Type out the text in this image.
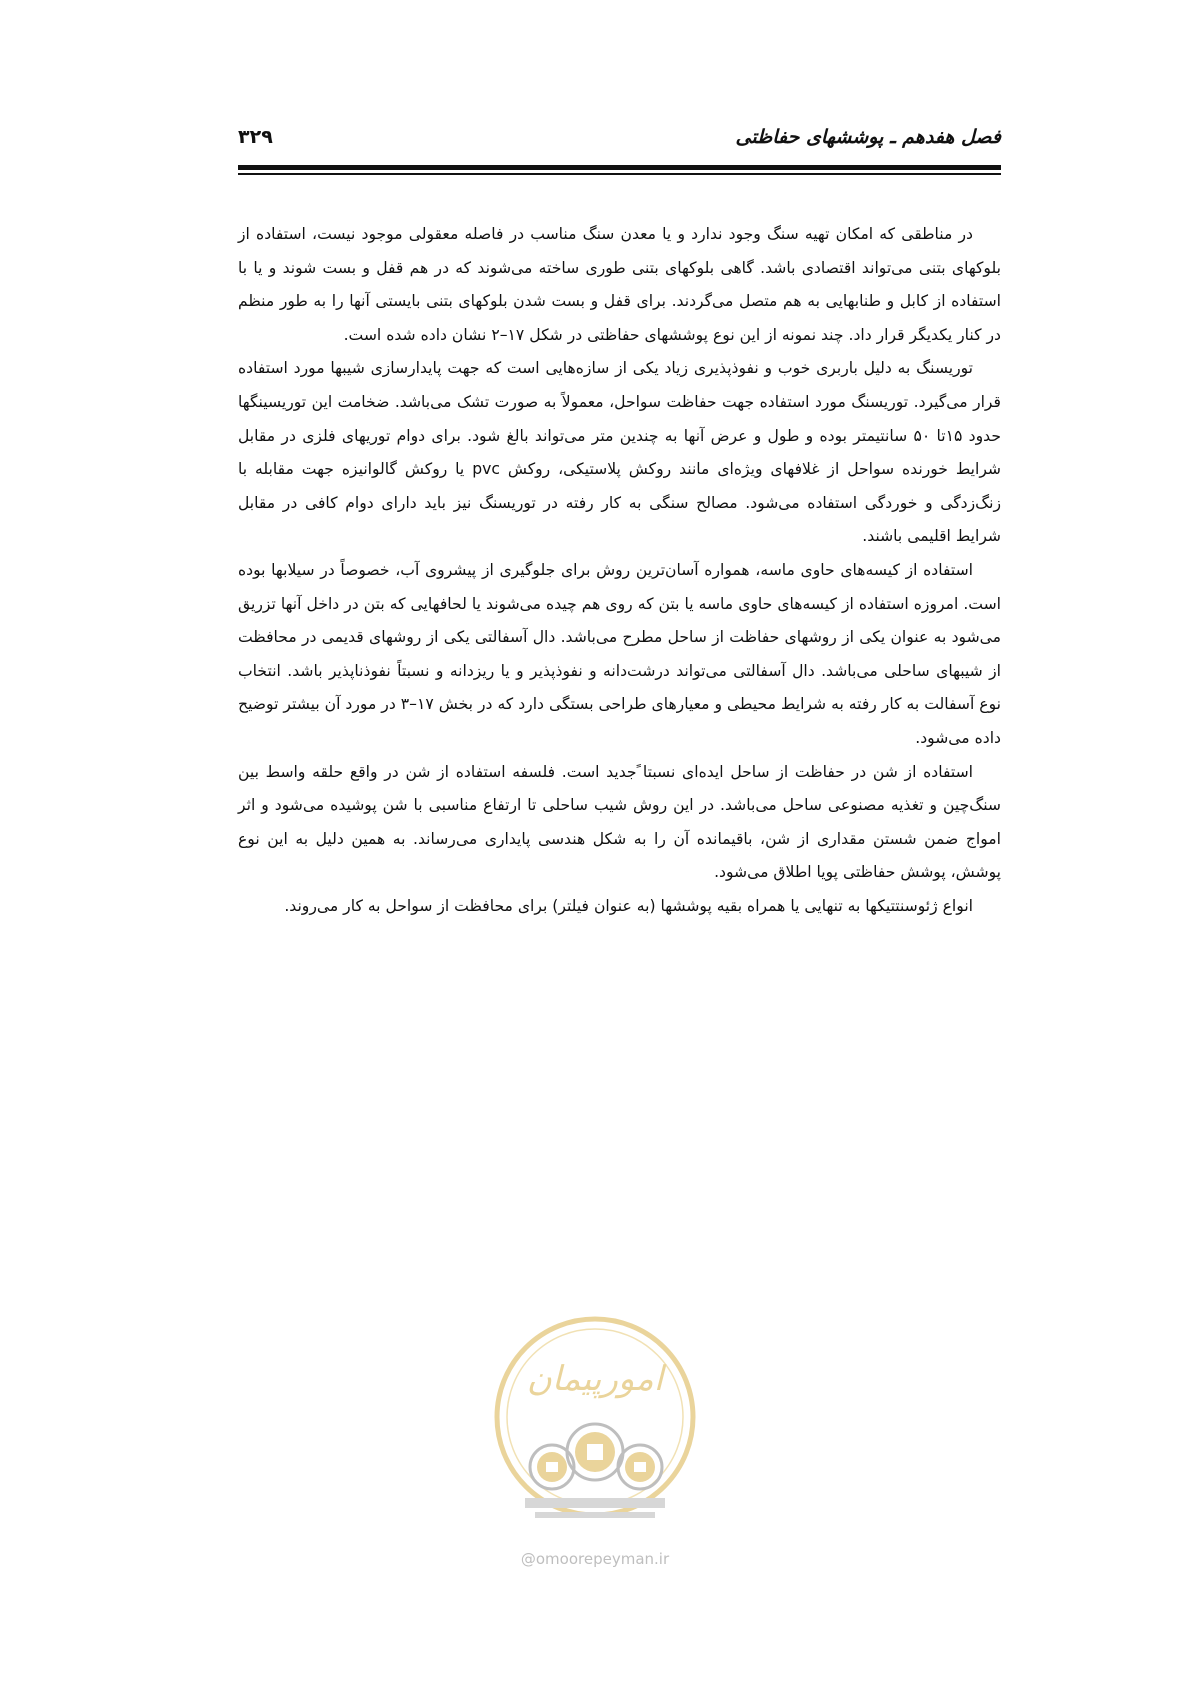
فصل هفدهم ـ پوششهای حفاظتی
۳۲۹

در مناطقی که امکان تهیه سنگ وجود ندارد و یا معدن سنگ مناسب در فاصله معقولی موجود نیست، استفاده از بلوکهای بتنی می‌تواند اقتصادی باشد. گاهی بلوکهای بتنی طوری ساخته می‌شوند که در هم قفل و بست شوند و یا با استفاده از کابل و طنابهایی به هم متصل می‌گردند. برای قفل و بست شدن بلوکهای بتنی بایستی آنها را به طور منظم در کنار یکدیگر قرار داد. چند نمونه از این نوع پوششهای حفاظتی در شکل ۱۷–۲ نشان داده شده است.

توریسنگ به دلیل باربری خوب و نفوذپذیری زیاد یکی از سازه‌هایی است که جهت پایدارسازی شیبها مورد استفاده قرار می‌گیرد. توریسنگ مورد استفاده جهت حفاظت سواحل، معمولاً به صورت تشک می‌باشد. ضخامت این توریسینگها حدود ۱۵تا ۵۰ سانتیمتر بوده و طول و عرض آنها به چندین متر می‌تواند بالغ شود. برای دوام توریهای فلزی در مقابل شرایط خورنده سواحل از غلافهای ویژه‌ای مانند روکش پلاستیکی، روکش pvc یا روکش گالوانیزه جهت مقابله با زنگ‌زدگی و خوردگی استفاده می‌شود. مصالح سنگی به کار رفته در توریسنگ نیز باید دارای دوام کافی در مقابل شرایط اقلیمی باشند.

استفاده از کیسه‌های حاوی ماسه، همواره آسان‌ترین روش برای جلوگیری از پیشروی آب، خصوصاً در سیلابها بوده است. امروزه استفاده از کیسه‌های حاوی ماسه یا بتن که روی هم چیده می‌شوند یا لحافهایی که بتن در داخل آنها تزریق می‌شود به عنوان یکی از روشهای حفاظت از ساحل مطرح می‌باشد. دال آسفالتی یکی از روشهای قدیمی در محافظت از شیبهای ساحلی می‌باشد. دال آسفالتی می‌تواند درشت‌دانه و نفوذپذیر و یا ریزدانه و نسبتاً نفوذناپذیر باشد. انتخاب نوع آسفالت به کار رفته به شرایط محیطی و معیارهای طراحی بستگی دارد که در بخش ۱۷–۳ در مورد آن بیشتر توضیح داده می‌شود.

استفاده از شن در حفاظت از ساحل ایده‌ای نسبتا ًجدید است. فلسفه استفاده از شن در واقع حلقه واسط بین سنگ‌چین و تغذیه مصنوعی ساحل می‌باشد. در این روش شیب ساحلی تا ارتفاع مناسبی با شن پوشیده می‌شود و اثر امواج ضمن شستن مقداری از شن، باقیمانده آن را به شکل هندسی پایداری می‌رساند. به همین دلیل به این نوع پوشش، پوشش حفاظتی پویا اطلاق می‌شود.

انواع ژئوسنتتیکها به تنهایی یا همراه بقیه پوششها (به عنوان فیلتر) برای محافظت از سواحل به کار می‌روند.

امورپیمان
@omoorepeyman.ir
